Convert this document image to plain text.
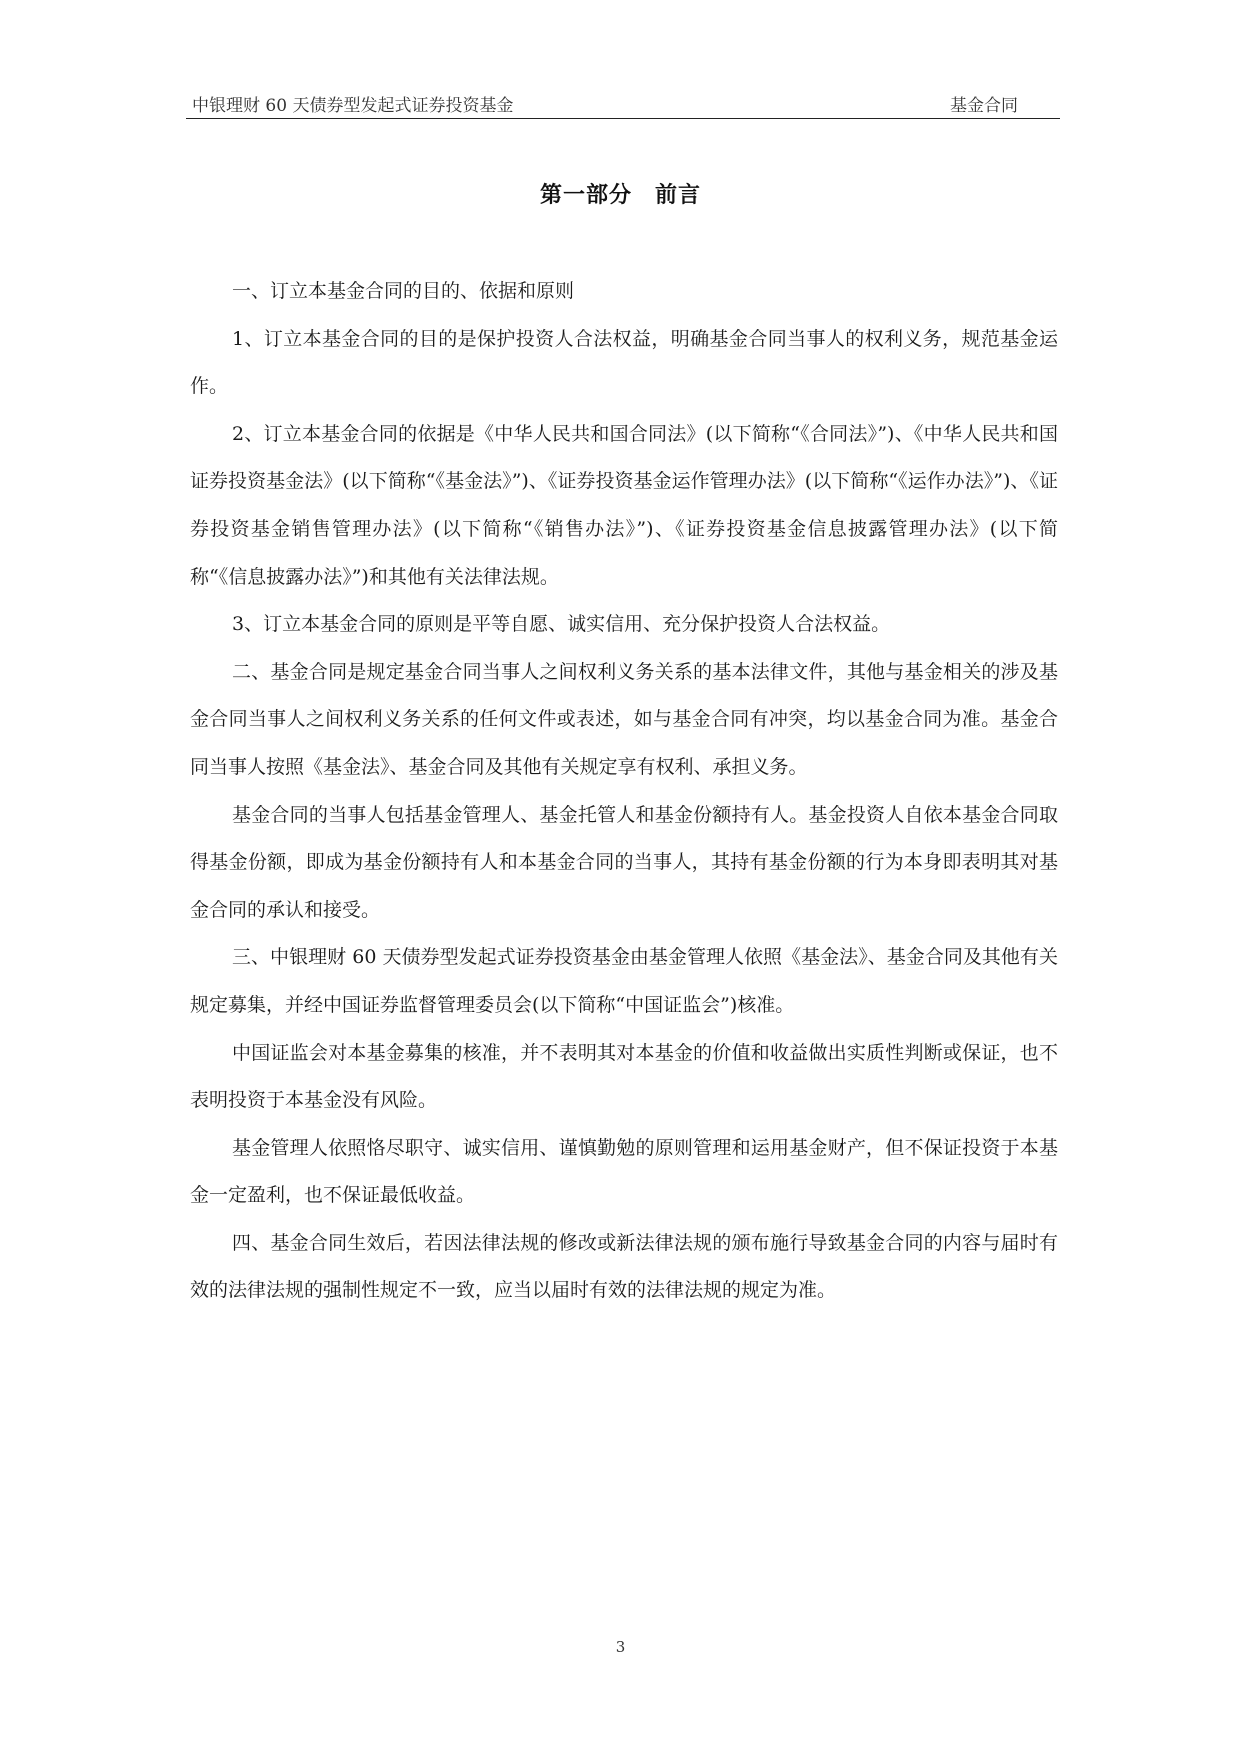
中银理财 60 天债券型发起式证券投资基金	基金合同
第一部分　前言

一、订立本基金合同的目的、依据和原则

1、订立本基金合同的目的是保护投资人合法权益，明确基金合同当事人的权利义务，规范基金运作。

2、订立本基金合同的依据是《中华人民共和国合同法》(以下简称“《合同法》”)、《中华人民共和国证券投资基金法》(以下简称“《基金法》”)、《证券投资基金运作管理办法》(以下简称“《运作办法》”)、《证券投资基金销售管理办法》(以下简称“《销售办法》”)、《证券投资基金信息披露管理办法》(以下简称“《信息披露办法》”)和其他有关法律法规。

3、订立本基金合同的原则是平等自愿、诚实信用、充分保护投资人合法权益。

二、基金合同是规定基金合同当事人之间权利义务关系的基本法律文件，其他与基金相关的涉及基金合同当事人之间权利义务关系的任何文件或表述，如与基金合同有冲突，均以基金合同为准。基金合同当事人按照《基金法》、基金合同及其他有关规定享有权利、承担义务。

基金合同的当事人包括基金管理人、基金托管人和基金份额持有人。基金投资人自依本基金合同取得基金份额，即成为基金份额持有人和本基金合同的当事人，其持有基金份额的行为本身即表明其对基金合同的承认和接受。

三、中银理财 60 天债券型发起式证券投资基金由基金管理人依照《基金法》、基金合同及其他有关规定募集，并经中国证券监督管理委员会(以下简称“中国证监会”)核准。

中国证监会对本基金募集的核准，并不表明其对本基金的价值和收益做出实质性判断或保证，也不表明投资于本基金没有风险。

基金管理人依照恪尽职守、诚实信用、谨慎勤勉的原则管理和运用基金财产，但不保证投资于本基金一定盈利，也不保证最低收益。

四、基金合同生效后，若因法律法规的修改或新法律法规的颁布施行导致基金合同的内容与届时有效的法律法规的强制性规定不一致，应当以届时有效的法律法规的规定为准。

3
